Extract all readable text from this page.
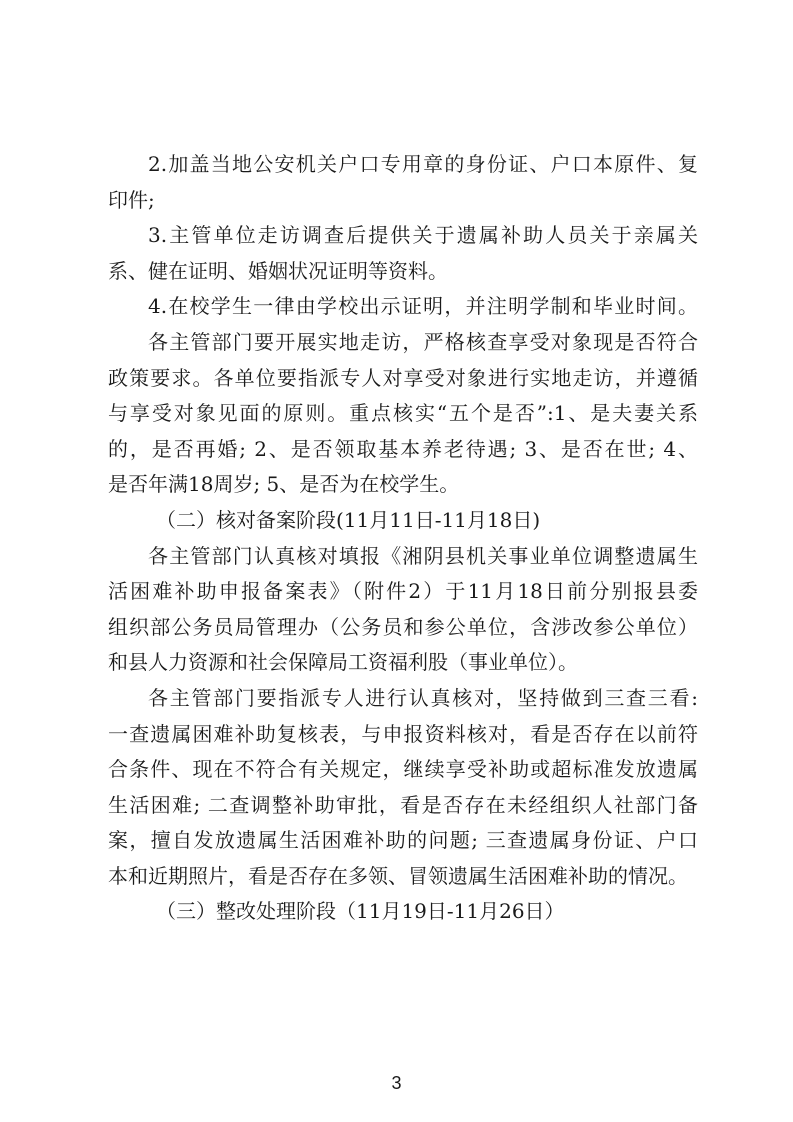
2.加盖当地公安机关户口专用章的身份证、户口本原件、复
印件;
3.主管单位走访调查后提供关于遗属补助人员关于亲属关
系、健在证明、婚姻状况证明等资料。
4.在校学生一律由学校出示证明，并注明学制和毕业时间。
各主管部门要开展实地走访，严格核查享受对象现是否符合
政策要求。各单位要指派专人对享受对象进行实地走访，并遵循
与享受对象见面的原则。重点核实“五个是否”:1、是夫妻关系
的，是否再婚; 2、是否领取基本养老待遇; 3、是否在世; 4、
是否年满18周岁; 5、是否为在校学生。
（二）核对备案阶段(11月11日-11月18日)
各主管部门认真核对填报《湘阴县机关事业单位调整遗属生
活困难补助申报备案表》（附件2）于11月18日前分别报县委
组织部公务员局管理办（公务员和参公单位，含涉改参公单位）
和县人力资源和社会保障局工资福利股（事业单位）。
各主管部门要指派专人进行认真核对，坚持做到三查三看:
一查遗属困难补助复核表，与申报资料核对，看是否存在以前符
合条件、现在不符合有关规定，继续享受补助或超标准发放遗属
生活困难; 二查调整补助审批，看是否存在未经组织人社部门备
案，擅自发放遗属生活困难补助的问题; 三查遗属身份证、户口
本和近期照片，看是否存在多领、冒领遗属生活困难补助的情况。
（三）整改处理阶段（11月19日-11月26日）
3
